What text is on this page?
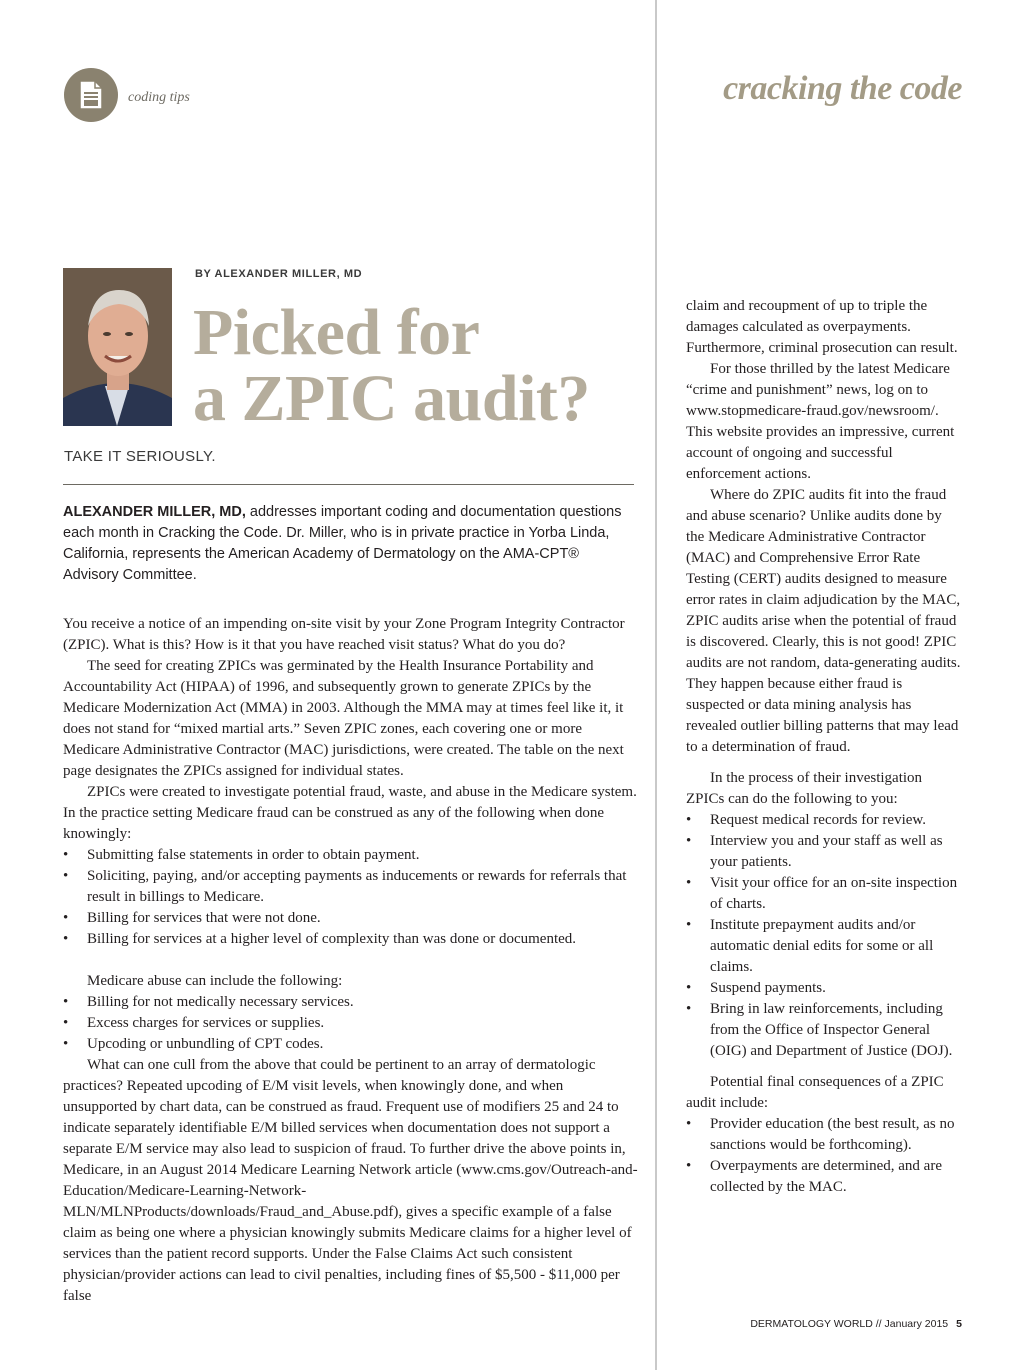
coding tips	cracking the code
BY ALEXANDER MILLER, MD
Picked for
a ZPIC audit?
TAKE IT SERIOUSLY.
ALEXANDER MILLER, MD, addresses important coding and documentation questions each month in Cracking the Code. Dr. Miller, who is in private practice in Yorba Linda, California, represents the American Academy of Dermatology on the AMA-CPT® Advisory Committee.

You receive a notice of an impending on-site visit by your Zone Program Integrity Contractor (ZPIC). What is this? How is it that you have reached visit status? What do you do?

The seed for creating ZPICs was germinated by the Health Insurance Portability and Accountability Act (HIPAA) of 1996, and subsequently grown to generate ZPICs by the Medicare Modernization Act (MMA) in 2003. Although the MMA may at times feel like it, it does not stand for “mixed martial arts.” Seven ZPIC zones, each covering one or more Medicare Administrative Contractor (MAC) jurisdictions, were created. The table on the next page designates the ZPICs assigned for individual states.

ZPICs were created to investigate potential fraud, waste, and abuse in the Medicare system. In the practice setting Medicare fraud can be construed as any of the following when done knowingly:

• Submitting false statements in order to obtain payment.
• Soliciting, paying, and/or accepting payments as inducements or rewards for referrals that result in billings to Medicare.
• Billing for services that were not done.
• Billing for services at a higher level of complexity than was done or documented.

Medicare abuse can include the following:

• Billing for not medically necessary services.
• Excess charges for services or supplies.
• Upcoding or unbundling of CPT codes.

What can one cull from the above that could be pertinent to an array of dermatologic practices? Repeated upcoding of E/M visit levels, when knowingly done, and when unsupported by chart data, can be construed as fraud. Frequent use of modifiers 25 and 24 to indicate separately identifiable E/M billed services when documentation does not support a separate E/M service may also lead to suspicion of fraud. To further drive the above points in, Medicare, in an August 2014 Medicare Learning Network article (www.cms.gov/Outreach-and-Education/Medicare-Learning-Network-MLN/MLNProducts/downloads/Fraud_and_Abuse.pdf), gives a specific example of a false claim as being one where a physician knowingly submits Medicare claims for a higher level of services than the patient record supports. Under the False Claims Act such consistent physician/provider actions can lead to civil penalties, including fines of $5,500 - $11,000 per false

claim and recoupment of up to triple the damages calculated as overpayments. Furthermore, criminal prosecution can result.

For those thrilled by the latest Medicare “crime and punishment” news, log on to www.stopmedicare-fraud.gov/newsroom/. This website provides an impressive, current account of ongoing and successful enforcement actions.

Where do ZPIC audits fit into the fraud and abuse scenario? Unlike audits done by the Medicare Administrative Contractor (MAC) and Comprehensive Error Rate Testing (CERT) audits designed to measure error rates in claim adjudication by the MAC, ZPIC audits arise when the potential of fraud is discovered. Clearly, this is not good! ZPIC audits are not random, data-generating audits. They happen because either fraud is suspected or data mining analysis has revealed outlier billing patterns that may lead to a determination of fraud.

In the process of their investigation ZPICs can do the following to you:

• Request medical records for review.
• Interview you and your staff as well as your patients.
• Visit your office for an on-site inspection of charts.
• Institute prepayment audits and/or automatic denial edits for some or all claims.
• Suspend payments.
• Bring in law reinforcements, including from the Office of Inspector General (OIG) and Department of Justice (DOJ).

Potential final consequences of a ZPIC audit include:

• Provider education (the best result, as no sanctions would be forthcoming).
• Overpayments are determined, and are collected by the MAC.
DERMATOLOGY WORLD // January 2015 5
